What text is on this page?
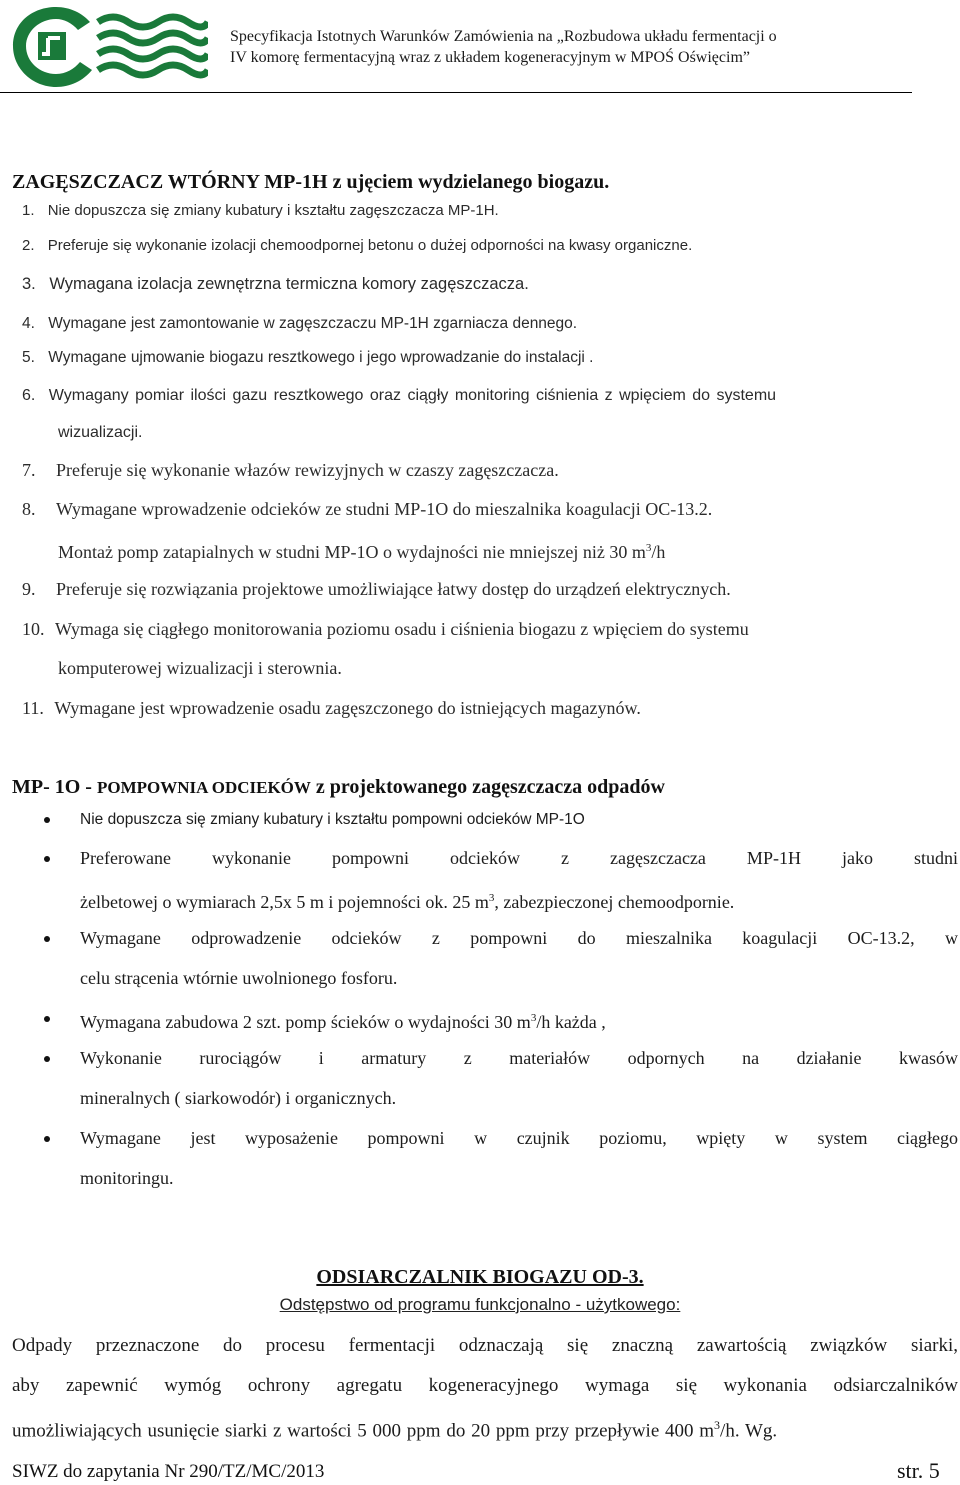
Specyfikacja Istotnych Warunków Zamówienia na „Rozbudowa układu fermentacji o
IV komorę fermentacyjną wraz z układem kogeneracyjnym w MPOŚ Oświęcim”
ZAGĘSZCZACZ WTÓRNY MP-1H z ujęciem wydzielanego biogazu.
1. Nie dopuszcza się zmiany kubatury i kształtu zagęszczacza MP-1H.
2. Preferuje się wykonanie izolacji chemoodpornej betonu o dużej odporności na kwasy organiczne.
3. Wymagana izolacja zewnętrzna termiczna komory zagęszczacza.
4. Wymagane jest zamontowanie w zagęszczaczu MP-1H zgarniacza dennego.
5. Wymagane ujmowanie biogazu resztkowego i jego wprowadzanie do instalacji .
6. Wymagany pomiar ilości gazu resztkowego oraz ciągły monitoring ciśnienia z wpięciem do systemu
wizualizacji.
7. Preferuje się wykonanie włazów rewizyjnych w czaszy zagęszczacza.
8. Wymagane wprowadzenie odcieków ze studni MP-1O do mieszalnika koagulacji OC-13.2.
Montaż pomp zatapialnych w studni MP-1O o wydajności nie mniejszej niż 30 $m^3/h$
9. Preferuje się rozwiązania projektowe umożliwiające łatwy dostęp do urządzeń elektrycznych.
10. Wymaga się ciągłego monitorowania poziomu osadu i ciśnienia biogazu z wpięciem do systemu
komputerowej wizualizacji i sterownia.
11. Wymagane jest wprowadzenie osadu zagęszczonego do istniejących magazynów.
MP- 1O - POMPOWNIA ODCIEKÓW z projektowanego zagęszczacza odpadów
Nie dopuszcza się zmiany kubatury i kształtu pompowni odcieków MP-1O
Preferowane wykonanie pompowni odcieków z zagęszczacza MP-1H jako studni
żelbetowej o wymiarach 2,5x 5 m i pojemności ok. 25 $m^3$, zabezpieczonej chemoodpornie.
Wymagane odprowadzenie odcieków z pompowni do mieszalnika koagulacji OC-13.2, w
celu strącenia wtórnie uwolnionego fosforu.
Wymagana zabudowa 2 szt. pomp ścieków o wydajności 30 $m^3/h$ każda ,
Wykonanie rurociągów i armatury z materiałów odpornych na działanie kwasów
mineralnych ( siarkowodór) i organicznych.
Wymagane jest wyposażenie pompowni w czujnik poziomu, wpięty w system ciągłego
monitoringu.
ODSIARCZALNIK BIOGAZU OD-3.
Odstępstwo od programu funkcjonalno - użytkowego:
Odpady przeznaczone do procesu fermentacji odznaczają się znaczną zawartością związków siarki,
aby zapewnić wymóg ochrony agregatu kogeneracyjnego wymaga się wykonania odsiarczalników
umożliwiających usunięcie siarki z wartości 5 000 ppm do 20 ppm przy przepływie 400 $m^3/h$. Wg.
SIWZ do zapytania Nr 290/TZ/MC/2013	str. 5
